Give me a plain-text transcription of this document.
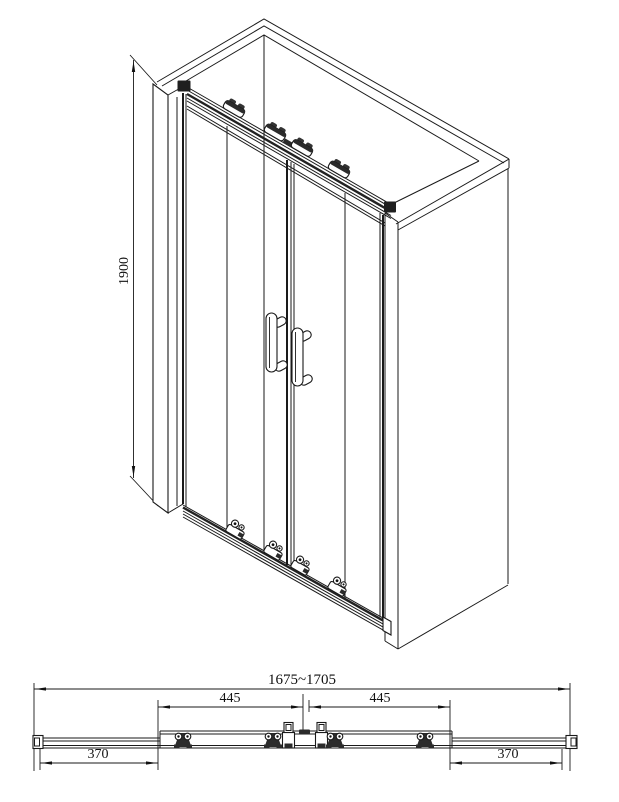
1900
1675~1705
445	445
370	370
